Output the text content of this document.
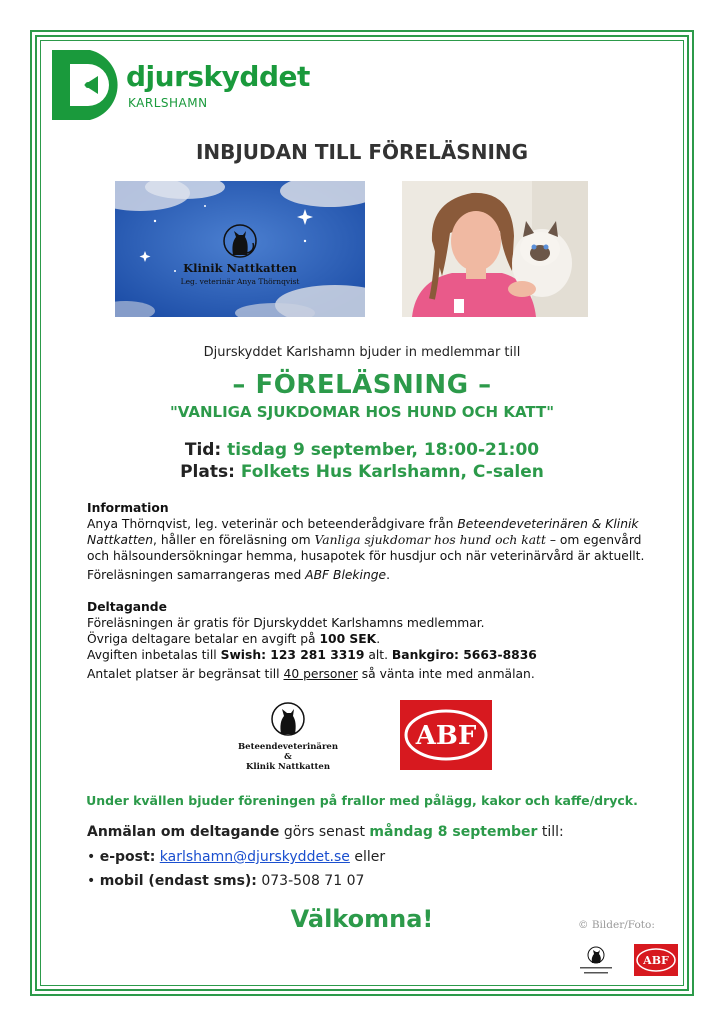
djurskyddet
KARLSHAMN
INBJUDAN TILL FÖRELÄSNING
Klinik Nattkatten
Leg. veterinär Anya Thörnqvist
Djurskyddet Karlshamn bjuder in medlemmar till
– FÖRELÄSNING –
"VANLIGA SJUKDOMAR HOS HUND OCH KATT"
Tid: tisdag 9 september, 18:00-21:00
Plats: Folkets Hus Karlshamn, C-salen
Information
Anya Thörnqvist, leg. veterinär och beteenderådgivare från Beteendeveterinären & Klinik Nattkatten, håller en föreläsning om Vanliga sjukdomar hos hund och katt – om egenvård och hälsoundersökningar hemma, husapotek för husdjur och när veterinärvård är aktuellt.
Föreläsningen samarrangeras med ABF Blekinge.
Deltagande
Föreläsningen är gratis för Djurskyddet Karlshamns medlemmar.
Övriga deltagare betalar en avgift på 100 SEK.
Avgiften inbetalas till Swish: 123 281 3319 alt. Bankgiro: 5663-8836
Antalet platser är begränsat till 40 personer så vänta inte med anmälan.
Beteendeveterinären
&
Klinik Nattkatten
ABF
Under kvällen bjuder föreningen på frallor med pålägg, kakor och kaffe/dryck.
Anmälan om deltagande görs senast måndag 8 september till:
• e-post: karlshamn@djurskyddet.se eller
• mobil (endast sms): 073-508 71 07
Välkomna!	© Bilder/Foto:
ABF
